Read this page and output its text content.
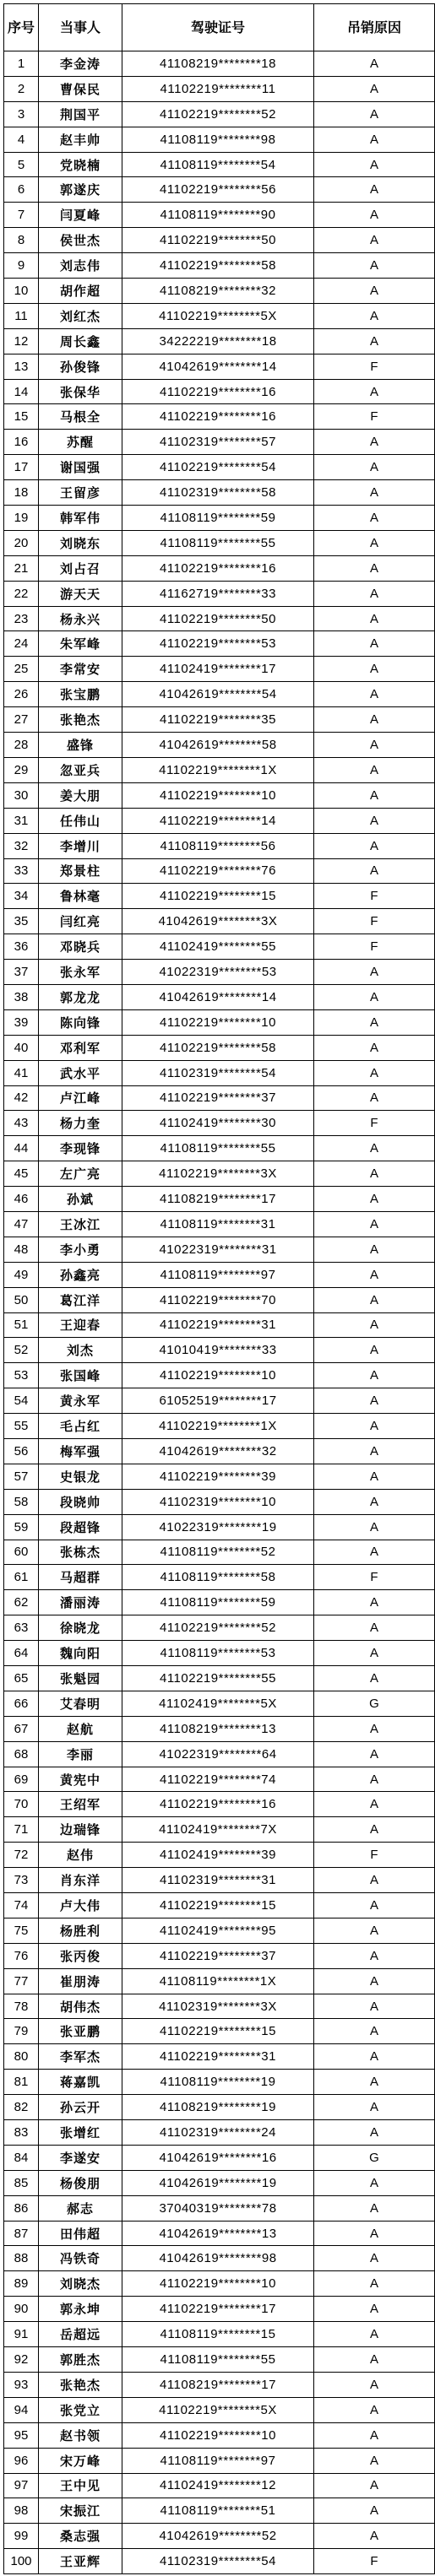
序号	当事人	驾驶证号	吊销原因
1	李金涛	41108219********18	A
2	曹保民	41102219********11	A
3	荆国平	41102219********52	A
4	赵丰帅	41108119********98	A
5	党晓楠	41108119********54	A
6	郭遂庆	41102219********56	A
7	闫夏峰	41108119********90	A
8	侯世杰	41102219********50	A
9	刘志伟	41102219********58	A
10	胡作超	41108219********32	A
11	刘红杰	41102219********5X	A
12	周长鑫	34222219********18	A
13	孙俊锋	41042619********14	F
14	张保华	41102219********16	A
15	马根全	41102219********16	F
16	苏醒	41102319********57	A
17	谢国强	41102219********54	A
18	王留彦	41102319********58	A
19	韩军伟	41108119********59	A
20	刘晓东	41108119********55	A
21	刘占召	41102219********16	A
22	游天天	41162719********33	A
23	杨永兴	41102219********50	A
24	朱军峰	41102219********53	A
25	李常安	41102419********17	A
26	张宝鹏	41042619********54	A
27	张艳杰	41102219********35	A
28	盛锋	41042619********58	A
29	忽亚兵	41102219********1X	A
30	姜大朋	41102219********10	A
31	任伟山	41102219********14	A
32	李增川	41108119********56	A
33	郑景柱	41102219********76	A
34	鲁林毫	41102219********15	F
35	闫红亮	41042619********3X	F
36	邓晓兵	41102419********55	F
37	张永军	41022319********53	A
38	郭龙龙	41042619********14	A
39	陈向锋	41102219********10	A
40	邓利军	41102219********58	A
41	武水平	41102319********54	A
42	卢江峰	41102219********37	A
43	杨力奎	41102419********30	F
44	李现锋	41108119********55	A
45	左广亮	41102219********3X	A
46	孙斌	41108219********17	A
47	王冰江	41108119********31	A
48	李小勇	41022319********31	A
49	孙鑫亮	41108119********97	A
50	葛江洋	41102219********70	A
51	王迎春	41102219********31	A
52	刘杰	41010419********33	A
53	张国峰	41102219********10	A
54	黄永军	61052519********17	A
55	毛占红	41102219********1X	A
56	梅军强	41042619********32	A
57	史银龙	41102219********39	A
58	段晓帅	41102319********10	A
59	段超锋	41022319********19	A
60	张栋杰	41108119********52	A
61	马超群	41108119********58	F
62	潘丽涛	41108119********59	A
63	徐晓龙	41102219********52	A
64	魏向阳	41108119********53	A
65	张魁园	41102219********55	A
66	艾春明	41102419********5X	G
67	赵航	41108219********13	A
68	李丽	41022319********64	A
69	黄宪中	41102219********74	A
70	王绍军	41102219********16	A
71	边瑞锋	41102419********7X	A
72	赵伟	41102419********39	F
73	肖东洋	41102319********31	A
74	卢大伟	41102219********15	A
75	杨胜利	41102419********95	A
76	张丙俊	41102219********37	A
77	崔朋涛	41108119********1X	A
78	胡伟杰	41102319********3X	A
79	张亚鹏	41102219********15	A
80	李军杰	41102219********31	A
81	蒋嘉凯	41108119********19	A
82	孙云开	41108219********19	A
83	张增红	41102319********24	A
84	李遂安	41042619********16	G
85	杨俊朋	41042619********19	A
86	郝志	37040319********78	A
87	田伟超	41042619********13	A
88	冯铁奇	41042619********98	A
89	刘晓杰	41102219********10	A
90	郭永坤	41102219********17	A
91	岳超远	41108119********15	A
92	郭胜杰	41108119********55	A
93	张艳杰	41108219********17	A
94	张党立	41102219********5X	A
95	赵书领	41102219********10	A
96	宋万峰	41108119********97	A
97	王中见	41102419********12	A
98	宋振江	41108119********51	A
99	桑志强	41042619********52	A
100	王亚辉	41102319********54	F
